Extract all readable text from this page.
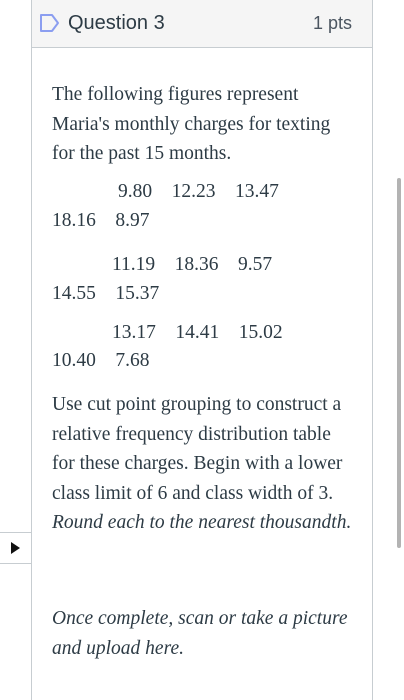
Question 3	1 pts
The following figures represent Maria's monthly charges for texting for the past 15 months.
9.80    12.23    13.47
18.16    8.97
11.19    18.36    9.57
14.55    15.37
13.17    14.41    15.02
10.40    7.68
Use cut point grouping to construct a relative frequency distribution table for these charges. Begin with a lower class limit of 6 and class width of 3. Round each to the nearest thousandth.
Once complete, scan or take a picture and upload here.
